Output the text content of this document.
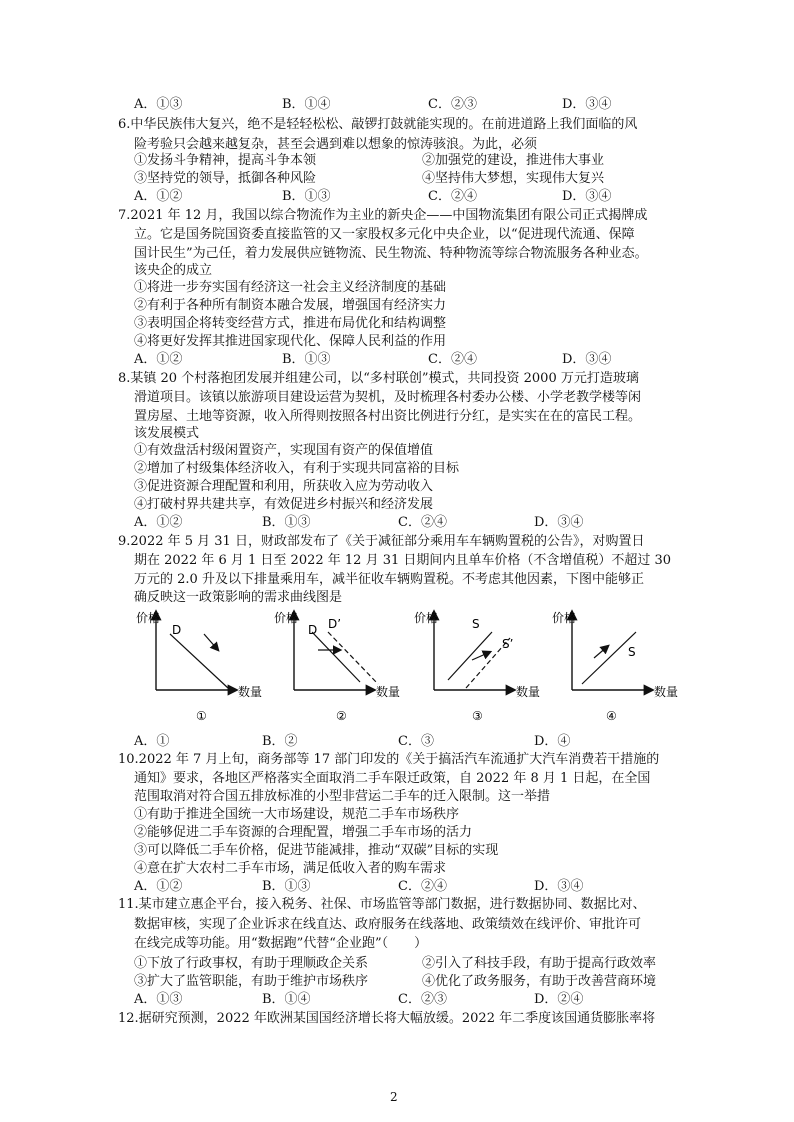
A．①③	B．①④	C．②③	D．③④
6.中华民族伟大复兴，绝不是轻轻松松、敲锣打鼓就能实现的。在前进道路上我们面临的风
险考验只会越来越复杂，甚至会遇到难以想象的惊涛骇浪。为此，必须
①发扬斗争精神，提高斗争本领	②加强党的建设，推进伟大事业
③坚持党的领导，抵御各种风险	④坚持伟大梦想，实现伟大复兴
A．①②	B．①③	C．②④	D．③④
7.2021 年 12 月，我国以综合物流作为主业的新央企——中国物流集团有限公司正式揭牌成
立。它是国务院国资委直接监管的又一家股权多元化中央企业，以“促进现代流通、保障
国计民生”为己任，着力发展供应链物流、民生物流、特种物流等综合物流服务各种业态。
该央企的成立
①将进一步夯实国有经济这一社会主义经济制度的基础
②有利于各种所有制资本融合发展，增强国有经济实力
③表明国企将转变经营方式，推进布局优化和结构调整
④将更好发挥其推进国家现代化、保障人民利益的作用
A．①②	B．①③	C．②④	D．③④
8.某镇 20 个村落抱团发展并组建公司，以“多村联创”模式，共同投资 2000 万元打造玻璃
滑道项目。该镇以旅游项目建设运营为契机，及时梳理各村委办公楼、小学老教学楼等闲
置房屋、土地等资源，收入所得则按照各村出资比例进行分红，是实实在在的富民工程。
该发展模式
①有效盘活村级闲置资产，实现国有资产的保值增值
②增加了村级集体经济收入，有利于实现共同富裕的目标
③促进资源合理配置和利用，所获收入应为劳动收入
④打破村界共建共享，有效促进乡村振兴和经济发展
A．①②	B．①③	C．②④	D．③④
9.2022 年 5 月 31 日，财政部发布了《关于减征部分乘用车车辆购置税的公告》，对购置日
期在 2022 年 6 月 1 日至 2022 年 12 月 31 日期间内且单车价格（不含增值税）不超过 30
万元的 2.0 升及以下排量乘用车，减半征收车辆购置税。不考虑其他因素，下图中能够正
确反映这一政策影响的需求曲线图是
价格
数量
D
①
价格
数量
D D’
②
价格
数量
S
S’
③
价格
数量
S
④
A．①	B．②	C．③	D．④
10.2022 年 7 月上旬，商务部等 17 部门印发的《关于搞活汽车流通扩大汽车消费若干措施的
通知》要求，各地区严格落实全面取消二手车限迁政策，自 2022 年 8 月 1 日起，在全国
范围取消对符合国五排放标准的小型非营运二手车的迁入限制。这一举措
①有助于推进全国统一大市场建设，规范二手车市场秩序
②能够促进二手车资源的合理配置，增强二手车市场的活力
③可以降低二手车价格，促进节能减排，推动“双碳”目标的实现
④意在扩大农村二手车市场，满足低收入者的购车需求
A．①②	B．①③	C．②④	D．③④
11.某市建立惠企平台，接入税务、社保、市场监管等部门数据，进行数据协同、数据比对、
数据审核，实现了企业诉求在线直达、政府服务在线落地、政策绩效在线评价、审批许可
在线完成等功能。用“数据跑”代替“企业跑”（　　）
①下放了行政事权，有助于理顺政企关系	②引入了科技手段，有助于提高行政效率
③扩大了监管职能，有助于维护市场秩序	④优化了政务服务，有助于改善营商环境
A．①③	B．①④	C．②③	D．②④
12.据研究预测，2022 年欧洲某国国经济增长将大幅放缓。2022 年二季度该国通货膨胀率将
2
